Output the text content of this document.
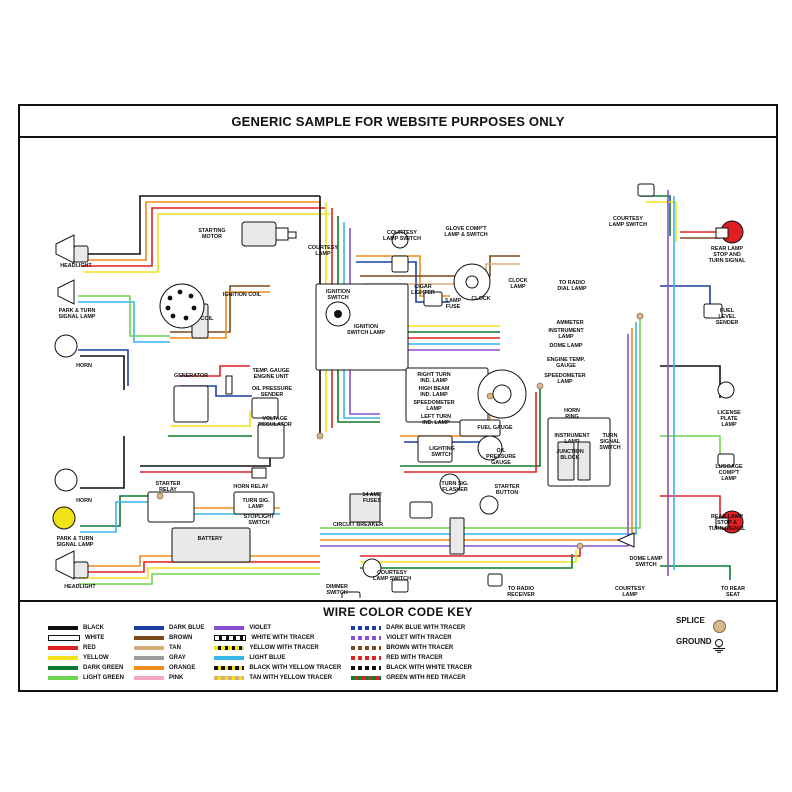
GENERIC SAMPLE FOR WEBSITE PURPOSES ONLY
HEADLIGHT
PARK & TURN
SIGNAL LAMP
HORN
HORN
PARK & TURN
SIGNAL LAMP
HEADLIGHT
STARTING
MOTOR
COURTESY
LAMP
COURTESY
LAMP SWITCH
GLOVE COMP'T
LAMP & SWITCH
COURTESY
LAMP SWITCH
REAR LAMP
STOP AND
TURN SIGNAL
FUEL
LEVEL
SENDER
LICENSE
PLATE
LAMP
LUGGAGE
COMP'T
LAMP
REAR LAMP
STOP &
TURN SIGNAL
TO REAR
SEAT

IGNITION COIL
COIL
GENERATOR
TEMP. GAUGE
ENGINE UNIT
OIL PRESSURE
SENDER
VOLTAGE
REGULATOR
STARTER
RELAY
HORN RELAY
STOPLIGHT
SWITCH
BATTERY
IGNITION
SWITCH
IGNITION
SWITCH LAMP
CIGAR
LIGHTER
CLOCK
CLOCK
LAMP
3 AMP
FUSE
TO RADIO
DIAL LAMP
AMMETER
INSTRUMENT
LAMP
DOME LAMP
ENGINE TEMP.
GAUGE
SPEEDOMETER
LAMP
RIGHT TURN
IND. LAMP
HIGH BEAM
IND. LAMP
SPEEDOMETER
LAMP
LEFT TURN
IND. LAMP
FUEL GAUGE
HORN
RING
INSTRUMENT
LAMP
TURN
SIGNAL
SWITCH
JUNCTION
BLOCK
LIGHTING
SWITCH
OIL
PRESSURE
GAUGE
TURN SIG.
FLASHER
STARTER
BUTTON
14 AMP
FUSES
CIRCUIT BREAKER
TURN SIG.
LAMP
DIMMER
SWITCH
COURTESY
LAMP SWITCH

TO RADIO
RECEIVER
DOME LAMP
SWITCH
COURTESY
LAMP

WIRE COLOR CODE KEY
BLACK
WHITE
RED
YELLOW
DARK GREEN
LIGHT GREEN
DARK BLUE
BROWN
TAN
GRAY
ORANGE
PINK
VIOLET
WHITE WITH TRACER
YELLOW WITH TRACER
LIGHT BLUE
BLACK WITH YELLOW TRACER
TAN WITH YELLOW TRACER
DARK BLUE WITH TRACER
VIOLET WITH TRACER
BROWN WITH TRACER
RED WITH TRACER
BLACK WITH WHITE TRACER
GREEN WITH RED TRACER
SPLICE
GROUND
